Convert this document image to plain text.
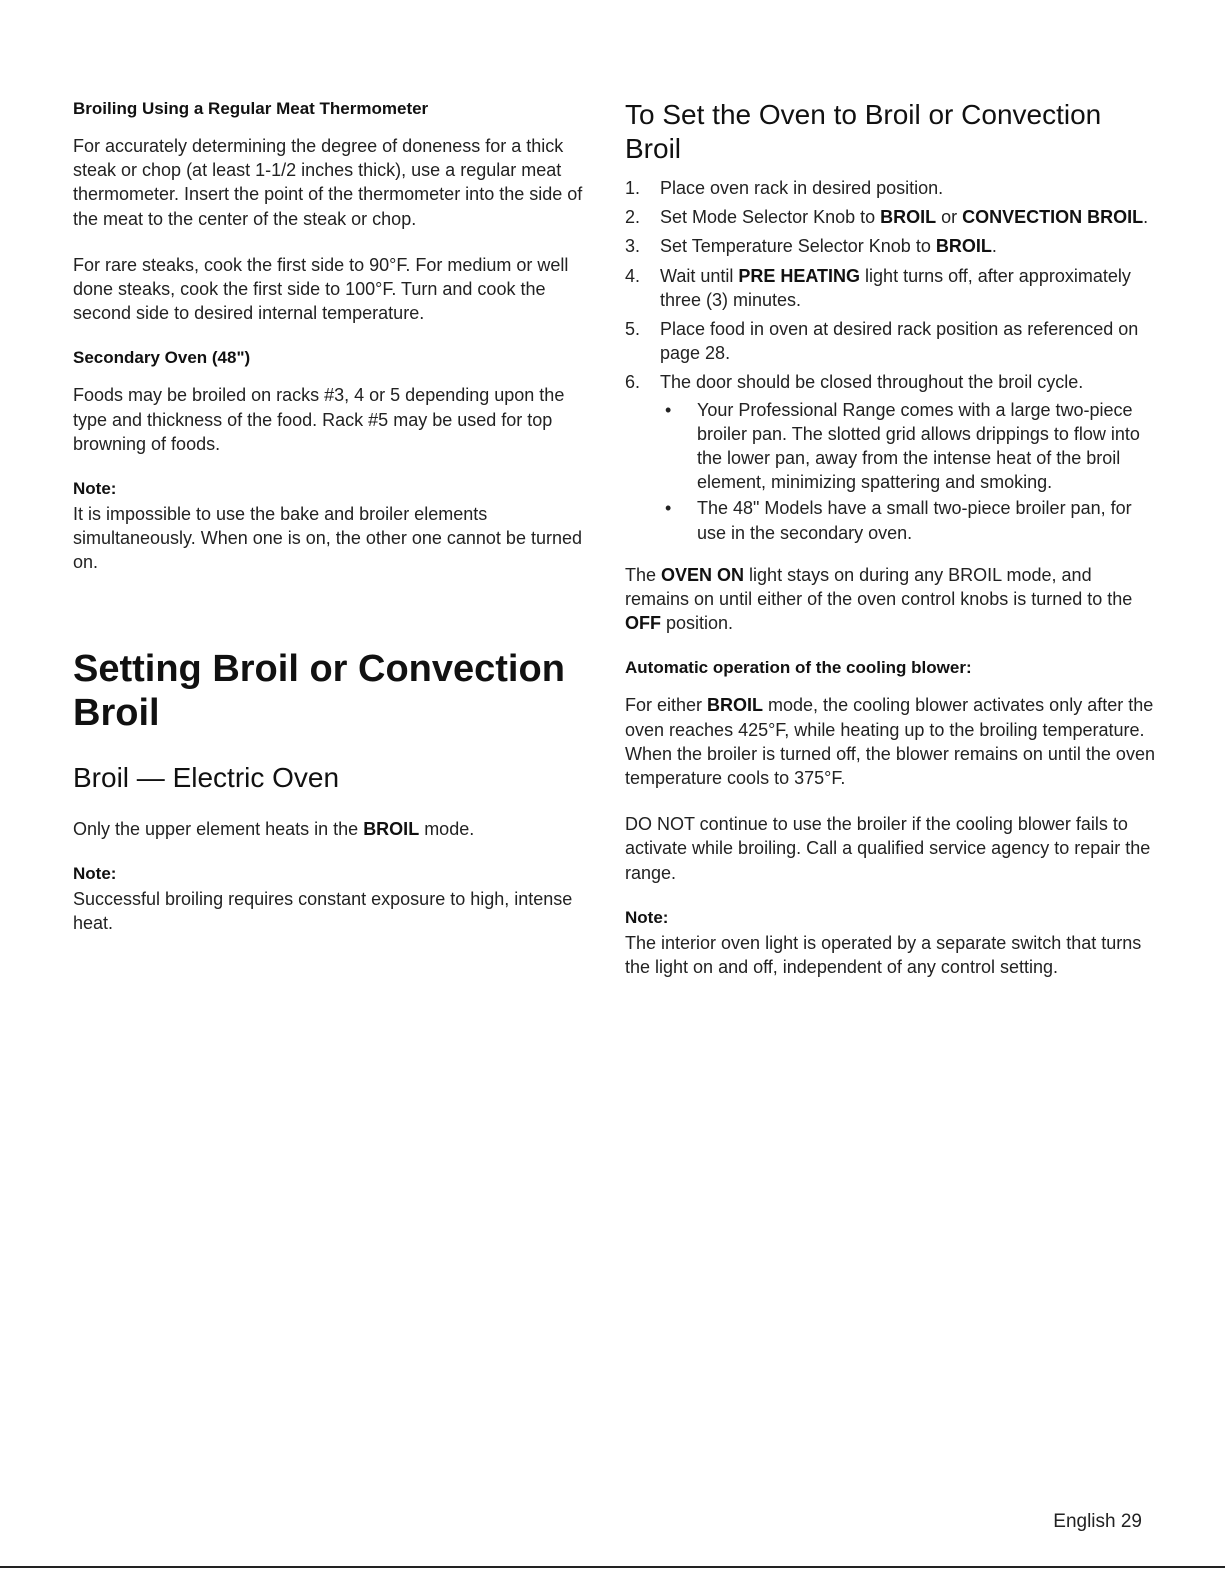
Broiling Using a Regular Meat Thermometer

For accurately determining the degree of doneness for a thick steak or chop (at least 1-1/2 inches thick), use a regular meat thermometer. Insert the point of the thermometer into the side of the meat to the center of the steak or chop.

For rare steaks, cook the first side to 90°F. For medium or well done steaks, cook the first side to 100°F. Turn and cook the second side to desired internal temperature.

Secondary Oven (48")

Foods may be broiled on racks #3, 4 or 5 depending upon the type and thickness of the food. Rack #5 may be used for top browning of foods.

Note:

It is impossible to use the bake and broiler elements simultaneously. When one is on, the other one cannot be turned on.

Setting Broil or Convection Broil
Broil — Electric Oven

Only the upper element heats in the BROIL mode.

Note:

Successful broiling requires constant exposure to high, intense heat.

To Set the Oven to Broil or Convection Broil
1. Place oven rack in desired position.
2. Set Mode Selector Knob to BROIL or CONVECTION BROIL.
3. Set Temperature Selector Knob to BROIL.
4. Wait until PRE HEATING light turns off, after approximately three (3) minutes.
5. Place food in oven at desired rack position as referenced on page 28.
6. The door should be closed throughout the broil cycle.
• Your Professional Range comes with a large two-piece broiler pan. The slotted grid allows drippings to flow into the lower pan, away from the intense heat of the broil element, minimizing spattering and smoking.
• The 48" Models have a small two-piece broiler pan, for use in the secondary oven.

The OVEN ON light stays on during any BROIL mode, and remains on until either of the oven control knobs is turned to the OFF position.

Automatic operation of the cooling blower:

For either BROIL mode, the cooling blower activates only after the oven reaches 425°F, while heating up to the broiling temperature. When the broiler is turned off, the blower remains on until the oven temperature cools to 375°F.

DO NOT continue to use the broiler if the cooling blower fails to activate while broiling. Call a qualified service agency to repair the range.

Note:

The interior oven light is operated by a separate switch that turns the light on and off, independent of any control setting.

English 29
